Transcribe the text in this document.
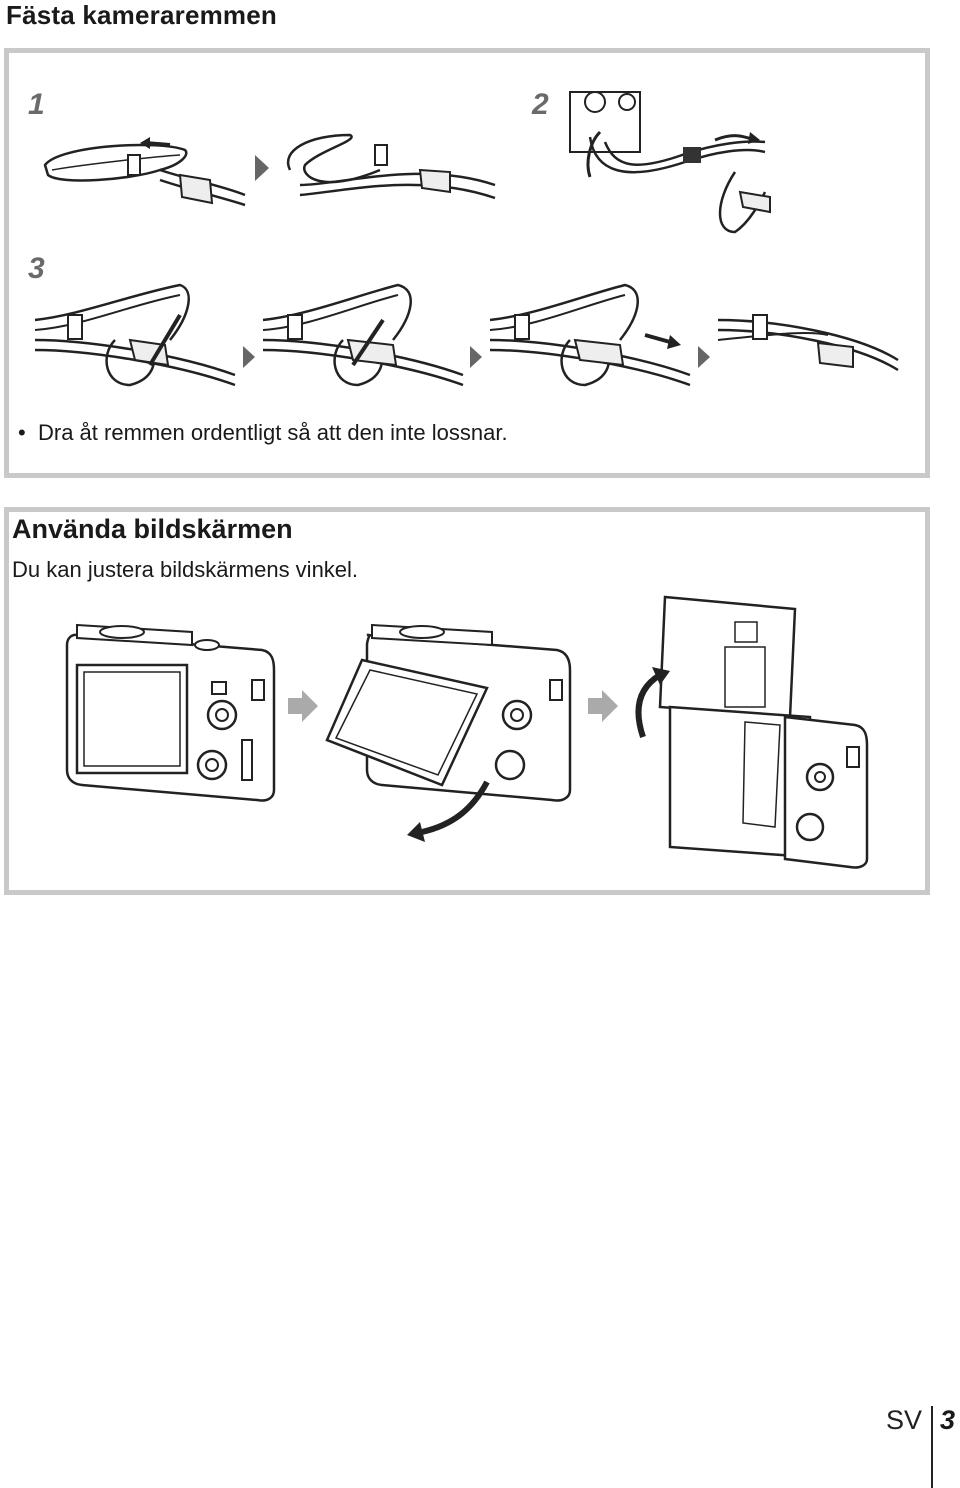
Fästa kameraremmen
1	2
3
• Dra åt remmen ordentligt så att den inte lossnar.
Använda bildskärmen
Du kan justera bildskärmens vinkel.
SV 3
